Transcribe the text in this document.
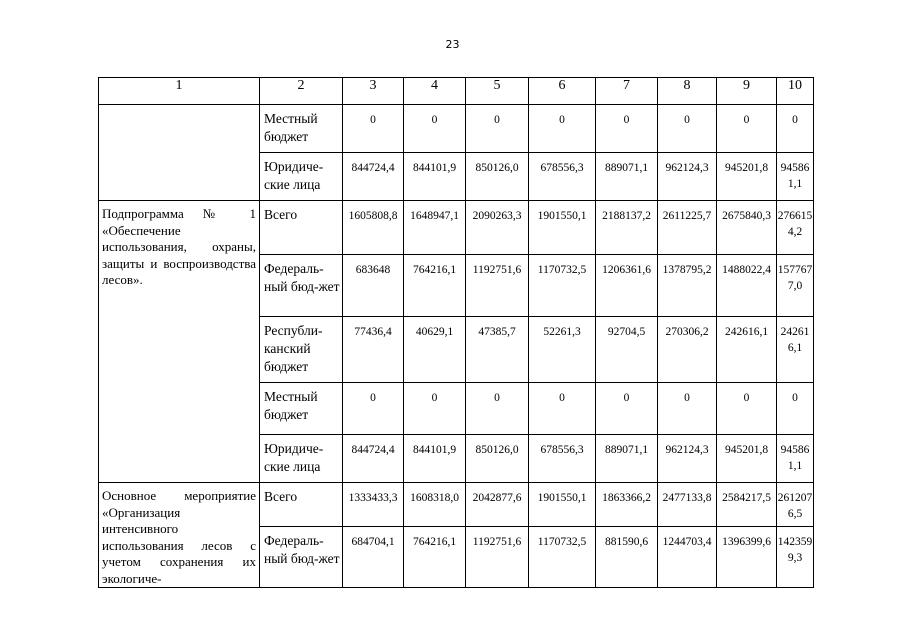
23
1	2	3	4	5	6	7	8	9	10
	Местный бюджет	0	0	0	0	0	0	0	0
	Юридиче-ские лица	844724,4	844101,9	850126,0	678556,3	889071,1	962124,3	945201,8	945861,1
Подпрограмма № 1 «Обеспечение использования, охраны, защиты и воспроизводства лесов».	Всего	1605808,8	1648947,1	2090263,3	1901550,1	2188137,2	2611225,7	2675840,3	2766154,2
	Федераль-ный бюд-жет	683648	764216,1	1192751,6	1170732,5	1206361,6	1378795,2	1488022,4	1577677,0
	Республи-канский бюджет	77436,4	40629,1	47385,7	52261,3	92704,5	270306,2	242616,1	242616,1
	Местный бюджет	0	0	0	0	0	0	0	0
	Юридиче-ские лица	844724,4	844101,9	850126,0	678556,3	889071,1	962124,3	945201,8	945861,1
Основное мероприятие «Организация интенсивного использования лесов с учетом сохранения их экологиче-	Всего	1333433,3	1608318,0	2042877,6	1901550,1	1863366,2	2477133,8	2584217,5	2612076,5
	Федераль-ный бюд-жет	684704,1	764216,1	1192751,6	1170732,5	881590,6	1244703,4	1396399,6	1423599,3
